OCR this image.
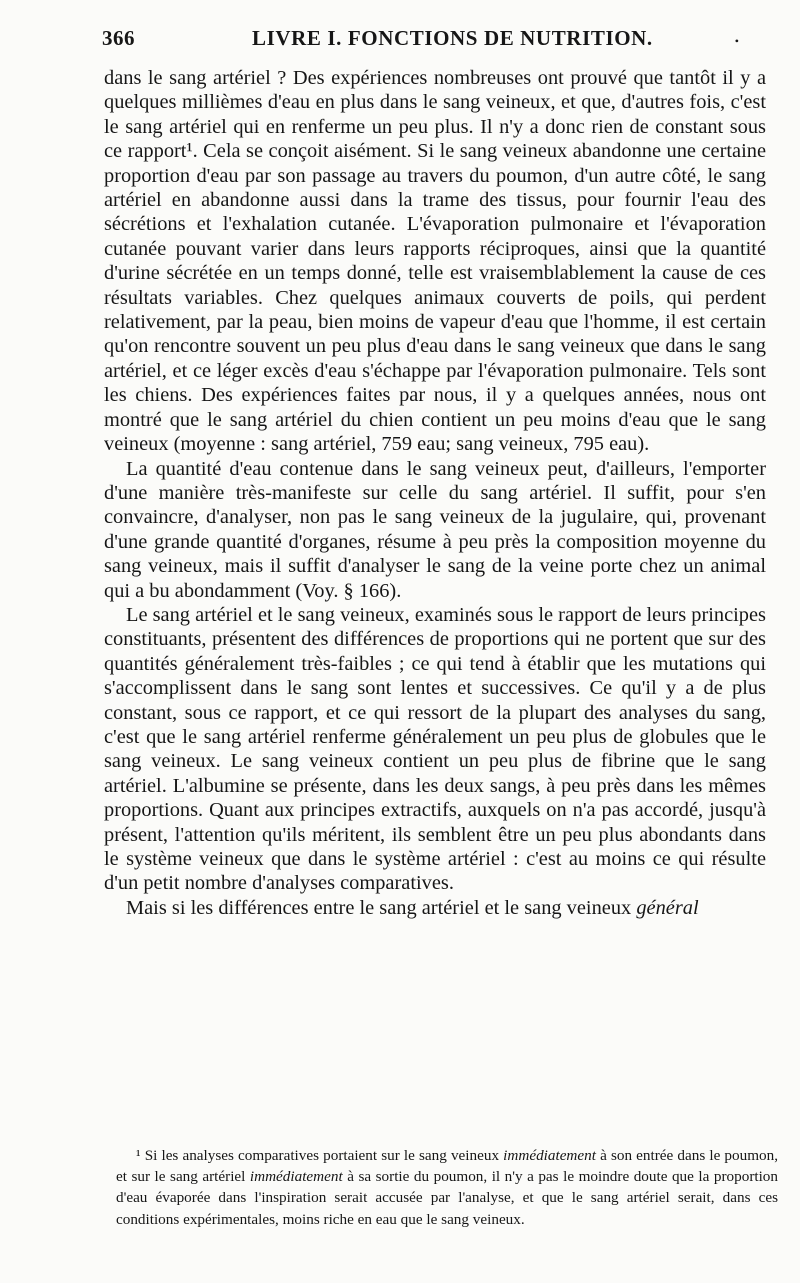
366	LIVRE I. FONCTIONS DE NUTRITION.	•

dans le sang artériel ? Des expériences nombreuses ont prouvé que tantôt il y a quelques millièmes d'eau en plus dans le sang veineux, et que, d'autres fois, c'est le sang artériel qui en renferme un peu plus. Il n'y a donc rien de constant sous ce rapport¹. Cela se conçoit aisément. Si le sang veineux abandonne une certaine proportion d'eau par son passage au travers du poumon, d'un autre côté, le sang artériel en abandonne aussi dans la trame des tissus, pour fournir l'eau des sécrétions et l'exhalation cutanée. L'évaporation pulmonaire et l'évaporation cutanée pouvant varier dans leurs rapports réciproques, ainsi que la quantité d'urine sécrétée en un temps donné, telle est vraisemblablement la cause de ces résultats variables. Chez quelques animaux couverts de poils, qui perdent relativement, par la peau, bien moins de vapeur d'eau que l'homme, il est certain qu'on rencontre souvent un peu plus d'eau dans le sang veineux que dans le sang artériel, et ce léger excès d'eau s'échappe par l'évaporation pulmonaire. Tels sont les chiens. Des expériences faites par nous, il y a quelques années, nous ont montré que le sang artériel du chien contient un peu moins d'eau que le sang veineux (moyenne : sang artériel, 759 eau; sang veineux, 795 eau).

La quantité d'eau contenue dans le sang veineux peut, d'ailleurs, l'emporter d'une manière très-manifeste sur celle du sang artériel. Il suffit, pour s'en convaincre, d'analyser, non pas le sang veineux de la jugulaire, qui, provenant d'une grande quantité d'organes, résume à peu près la composition moyenne du sang veineux, mais il suffit d'analyser le sang de la veine porte chez un animal qui a bu abondamment (Voy. § 166).

Le sang artériel et le sang veineux, examinés sous le rapport de leurs principes constituants, présentent des différences de proportions qui ne portent que sur des quantités généralement très-faibles ; ce qui tend à établir que les mutations qui s'accomplissent dans le sang sont lentes et successives. Ce qu'il y a de plus constant, sous ce rapport, et ce qui ressort de la plupart des analyses du sang, c'est que le sang artériel renferme généralement un peu plus de globules que le sang veineux. Le sang veineux contient un peu plus de fibrine que le sang artériel. L'albumine se présente, dans les deux sangs, à peu près dans les mêmes proportions. Quant aux principes extractifs, auxquels on n'a pas accordé, jusqu'à présent, l'attention qu'ils méritent, ils semblent être un peu plus abondants dans le système veineux que dans le système artériel : c'est au moins ce qui résulte d'un petit nombre d'analyses comparatives.

Mais si les différences entre le sang artériel et le sang veineux général

¹ Si les analyses comparatives portaient sur le sang veineux immédiatement à son entrée dans le poumon, et sur le sang artériel immédiatement à sa sortie du poumon, il n'y a pas le moindre doute que la proportion d'eau évaporée dans l'inspiration serait accusée par l'analyse, et que le sang artériel serait, dans ces conditions expérimentales, moins riche en eau que le sang veineux.
